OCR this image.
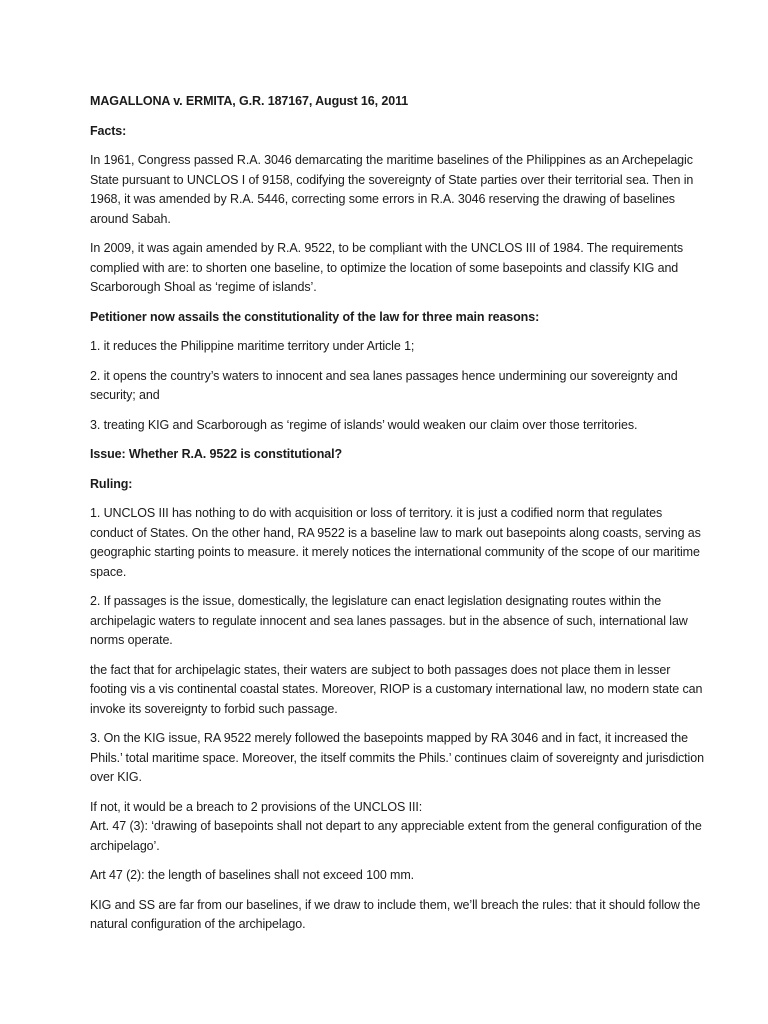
MAGALLONA v. ERMITA, G.R. 187167, August 16, 2011

Facts:

In 1961, Congress passed R.A. 3046 demarcating the maritime baselines of the Philippines as an Archepelagic State pursuant to UNCLOS I of 9158, codifying the sovereignty of State parties over their territorial sea. Then in 1968, it was amended by R.A. 5446, correcting some errors in R.A. 3046 reserving the drawing of baselines around Sabah.

In 2009, it was again amended by R.A. 9522, to be compliant with the UNCLOS III of 1984. The requirements complied with are: to shorten one baseline, to optimize the location of some basepoints and classify KIG and Scarborough Shoal as ‘regime of islands’.

Petitioner now assails the constitutionality of the law for three main reasons:

1. it reduces the Philippine maritime territory under Article 1;

2. it opens the country’s waters to innocent and sea lanes passages hence undermining our sovereignty and security; and

3. treating KIG and Scarborough as ‘regime of islands’ would weaken our claim over those territories.

Issue: Whether R.A. 9522 is constitutional?

Ruling:

1. UNCLOS III has nothing to do with acquisition or loss of territory. it is just a codified norm that regulates conduct of States. On the other hand, RA 9522 is a baseline law to mark out basepoints along coasts, serving as geographic starting points to measure. it merely notices the international community of the scope of our maritime space.

2. If passages is the issue, domestically, the legislature can enact legislation designating routes within the archipelagic waters to regulate innocent and sea lanes passages. but in the absence of such, international law norms operate.

the fact that for archipelagic states, their waters are subject to both passages does not place them in lesser footing vis a vis continental coastal states. Moreover, RIOP is a customary international law, no modern state can invoke its sovereignty to forbid such passage.

3. On the KIG issue, RA 9522 merely followed the basepoints mapped by RA 3046 and in fact, it increased the Phils.’ total maritime space. Moreover, the itself commits the Phils.’ continues claim of sovereignty and jurisdiction over KIG.

If not, it would be a breach to 2 provisions of the UNCLOS III:

Art. 47 (3): ‘drawing of basepoints shall not depart to any appreciable extent from the general configuration of the archipelago’.

Art 47 (2): the length of baselines shall not exceed 100 mm.

KIG and SS are far from our baselines, if we draw to include them, we’ll breach the rules: that it should follow the natural configuration of the archipelago.
